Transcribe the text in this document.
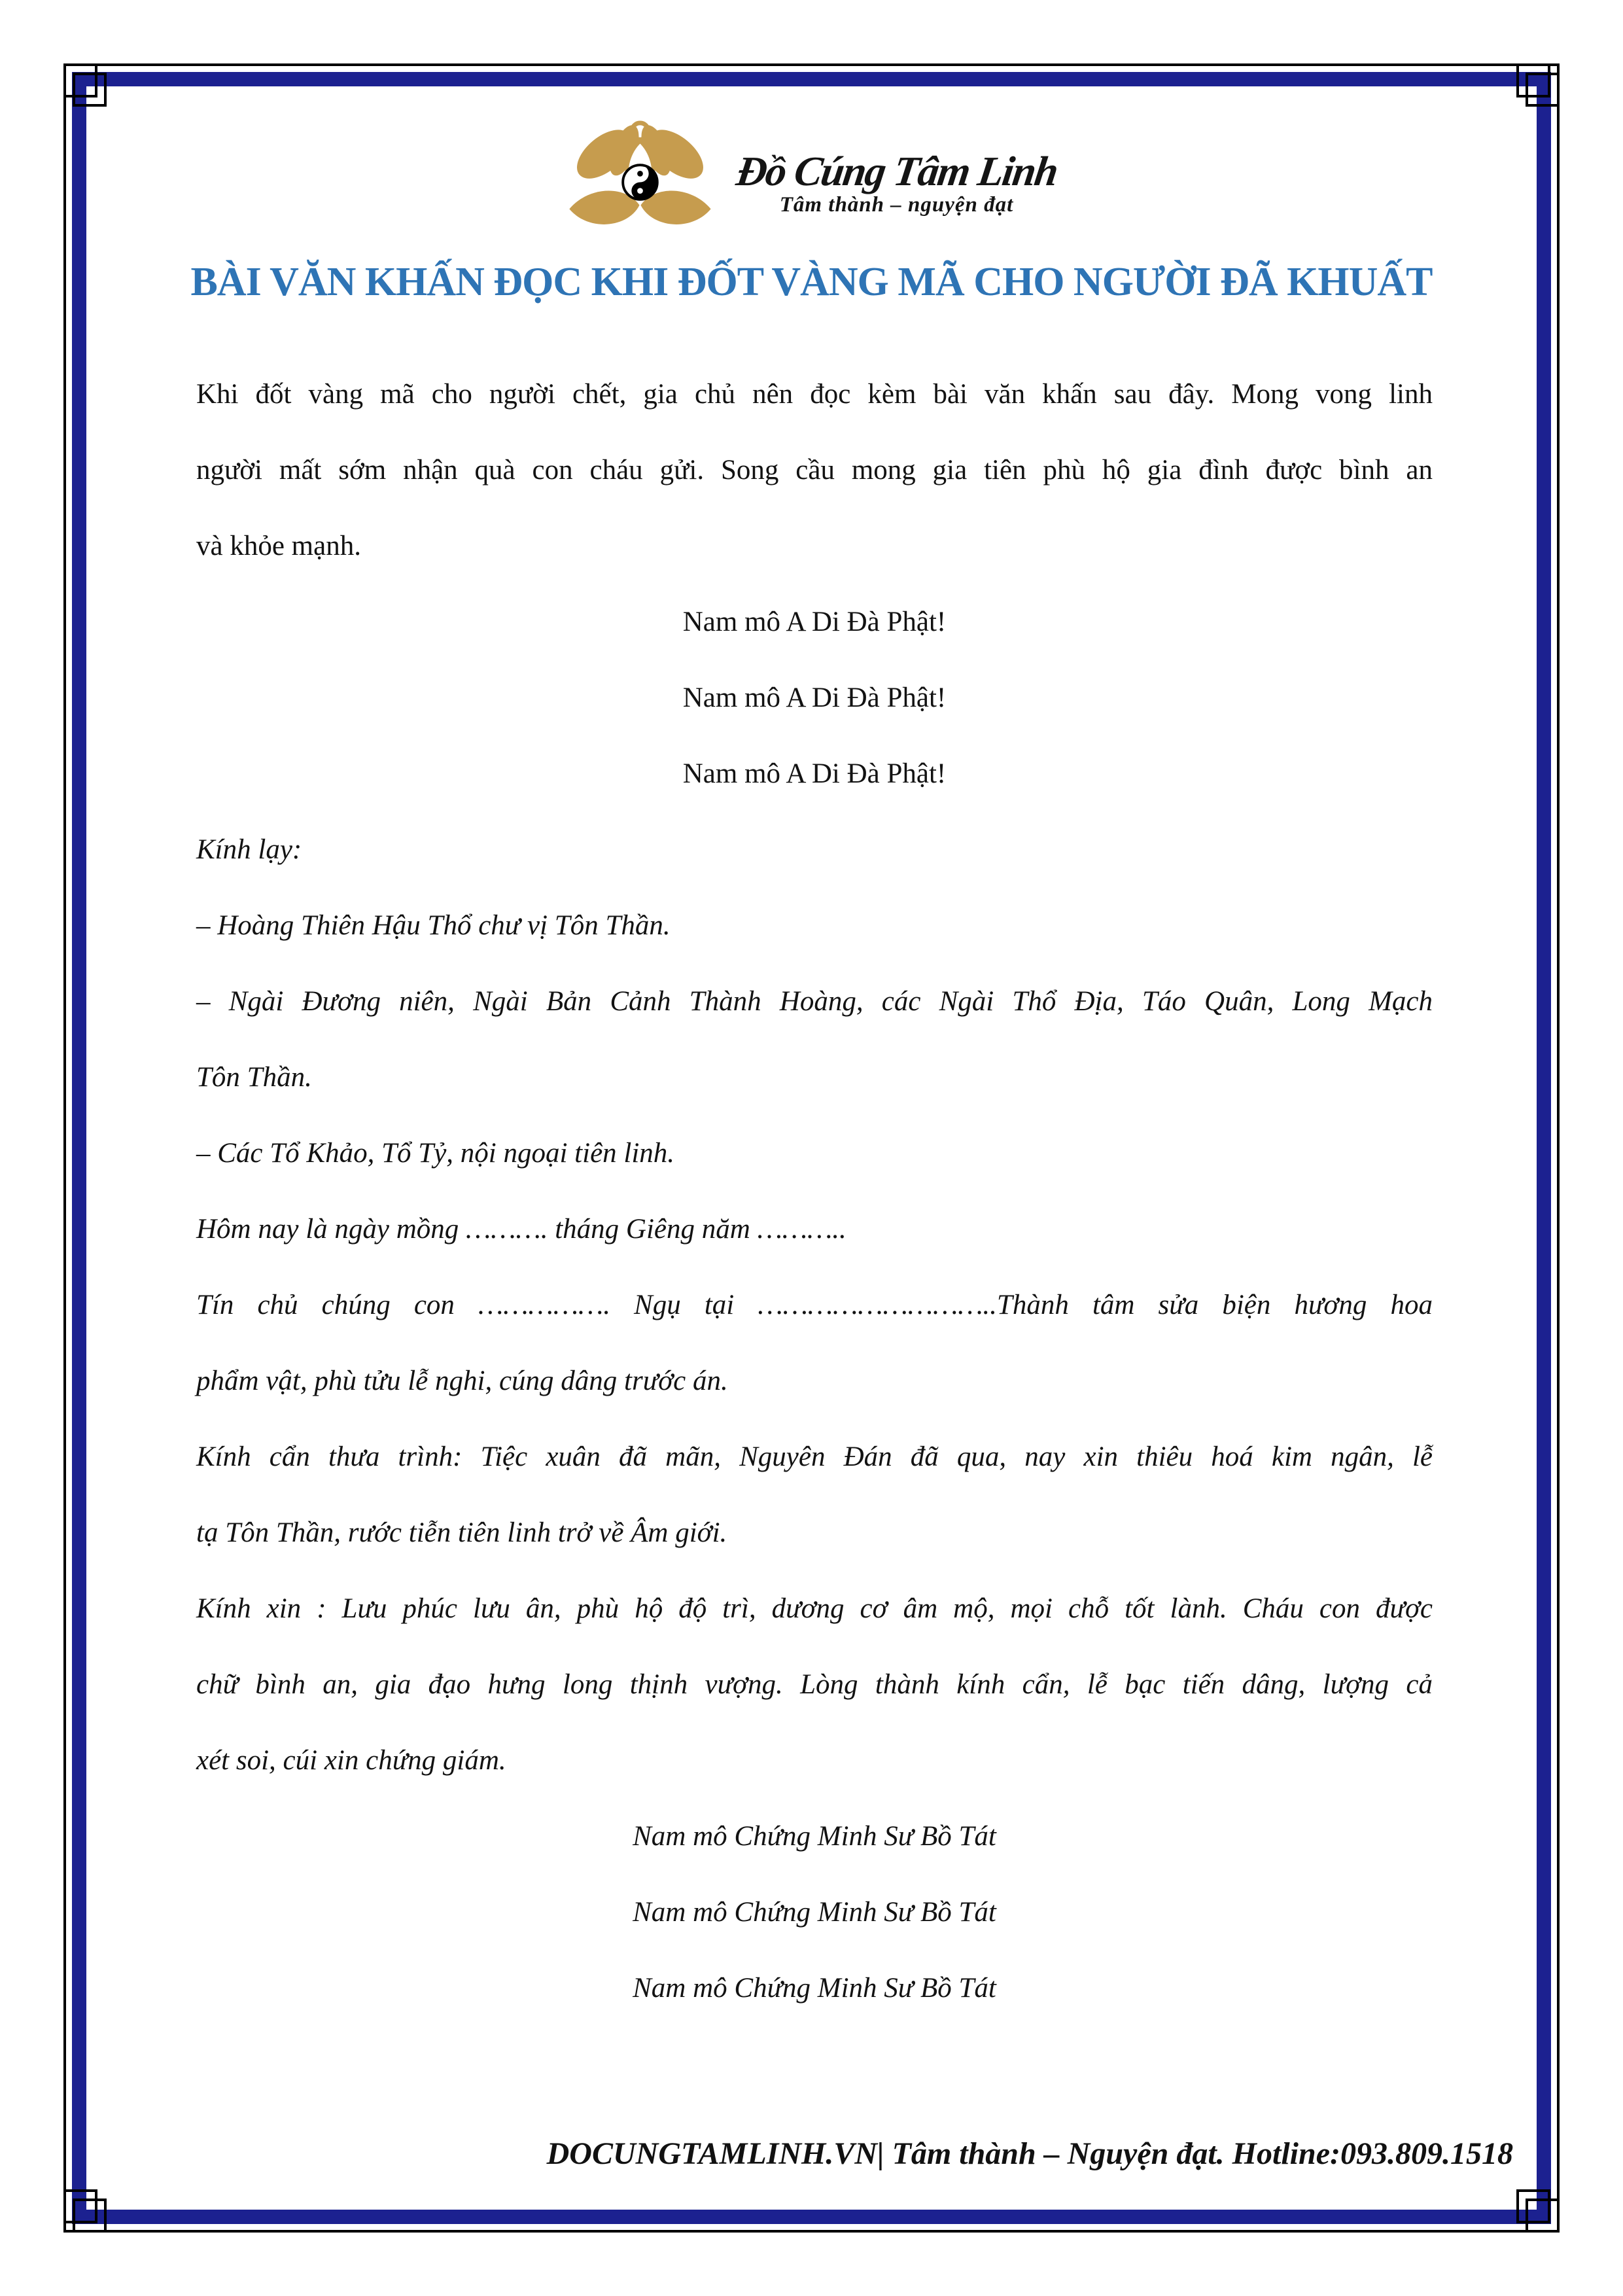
Đồ Cúng Tâm Linh
Tâm thành – nguyện đạt
BÀI VĂN KHẤN ĐỌC KHI ĐỐT VÀNG MÃ CHO NGƯỜI ĐÃ KHUẤT
Khi đốt vàng mã cho người chết, gia chủ nên đọc kèm bài văn khấn sau đây. Mong vong linh
người mất sớm nhận quà con cháu gửi. Song cầu mong gia tiên phù hộ gia đình được bình an
và khỏe mạnh.
Nam mô A Di Đà Phật!
Nam mô A Di Đà Phật!
Nam mô A Di Đà Phật!
Kính lạy:
– Hoàng Thiên Hậu Thổ chư vị Tôn Thần.
– Ngài Đương niên, Ngài Bản Cảnh Thành Hoàng, các Ngài Thổ Địa, Táo Quân, Long Mạch
Tôn Thần.
– Các Tổ Khảo, Tổ Tỷ, nội ngoại tiên linh.
Hôm nay là ngày mồng ………. tháng Giêng năm ………..
Tín chủ chúng con ……………. Ngụ tại ………………………..Thành tâm sửa biện hương hoa
phẩm vật, phù tửu lễ nghi, cúng dâng trước án.
Kính cẩn thưa trình: Tiệc xuân đã mãn, Nguyên Đán đã qua, nay xin thiêu hoá kim ngân, lễ
tạ Tôn Thần, rước tiễn tiên linh trở về Âm giới.
Kính xin : Lưu phúc lưu ân, phù hộ độ trì, dương cơ âm mộ, mọi chỗ tốt lành. Cháu con được
chữ bình an, gia đạo hưng long thịnh vượng. Lòng thành kính cẩn, lễ bạc tiến dâng, lượng cả
xét soi, cúi xin chứng giám.
Nam mô Chứng Minh Sư Bồ Tát
Nam mô Chứng Minh Sư Bồ Tát
Nam mô Chứng Minh Sư Bồ Tát
DOCUNGTAMLINH.VN| Tâm thành – Nguyện đạt. Hotline:093.809.1518
